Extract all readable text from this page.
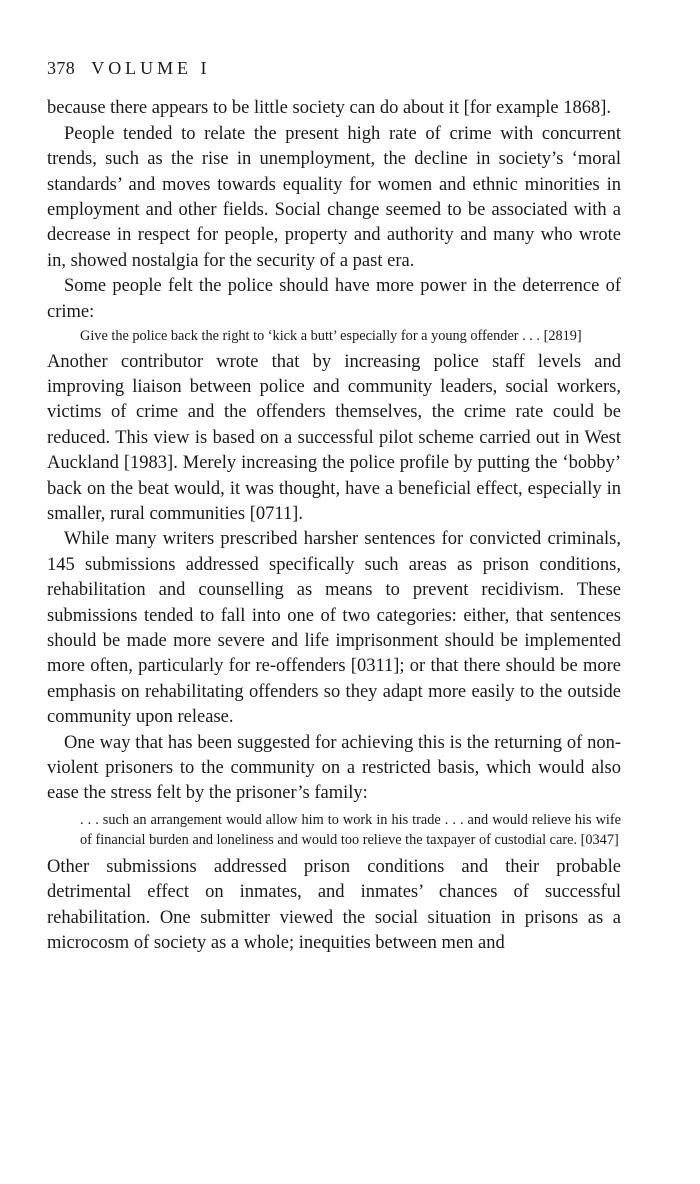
378 VOLUME I

because there appears to be little society can do about it [for example 1868].

People tended to relate the present high rate of crime with concurrent trends, such as the rise in unemployment, the decline in society’s ‘moral standards’ and moves towards equality for women and ethnic minorities in employment and other fields. Social change seemed to be associated with a decrease in respect for people, property and authority and many who wrote in, showed nostalgia for the security of a past era.

Some people felt the police should have more power in the deterrence of crime:

Give the police back the right to ‘kick a butt’ especially for a young offender . . . [2819]

Another contributor wrote that by increasing police staff levels and improving liaison between police and community leaders, social workers, victims of crime and the offenders themselves, the crime rate could be reduced. This view is based on a successful pilot scheme carried out in West Auckland [1983]. Merely increasing the police profile by putting the ‘bobby’ back on the beat would, it was thought, have a beneficial effect, especially in smaller, rural communities [0711].

While many writers prescribed harsher sentences for convicted criminals, 145 submissions addressed specifically such areas as prison conditions, rehabilitation and counselling as means to prevent recidivism. These submissions tended to fall into one of two categories: either, that sentences should be made more severe and life imprisonment should be implemented more often, particularly for re-offenders [0311]; or that there should be more emphasis on rehabilitating offenders so they adapt more easily to the outside community upon release.

One way that has been suggested for achieving this is the returning of non-violent prisoners to the community on a restricted basis, which would also ease the stress felt by the prisoner’s family:

. . . such an arrangement would allow him to work in his trade . . . and would relieve his wife of financial burden and loneliness and would too relieve the taxpayer of custodial care. [0347]

Other submissions addressed prison conditions and their probable detrimental effect on inmates, and inmates’ chances of successful rehabilitation. One submitter viewed the social situation in prisons as a microcosm of society as a whole; inequities between men and
